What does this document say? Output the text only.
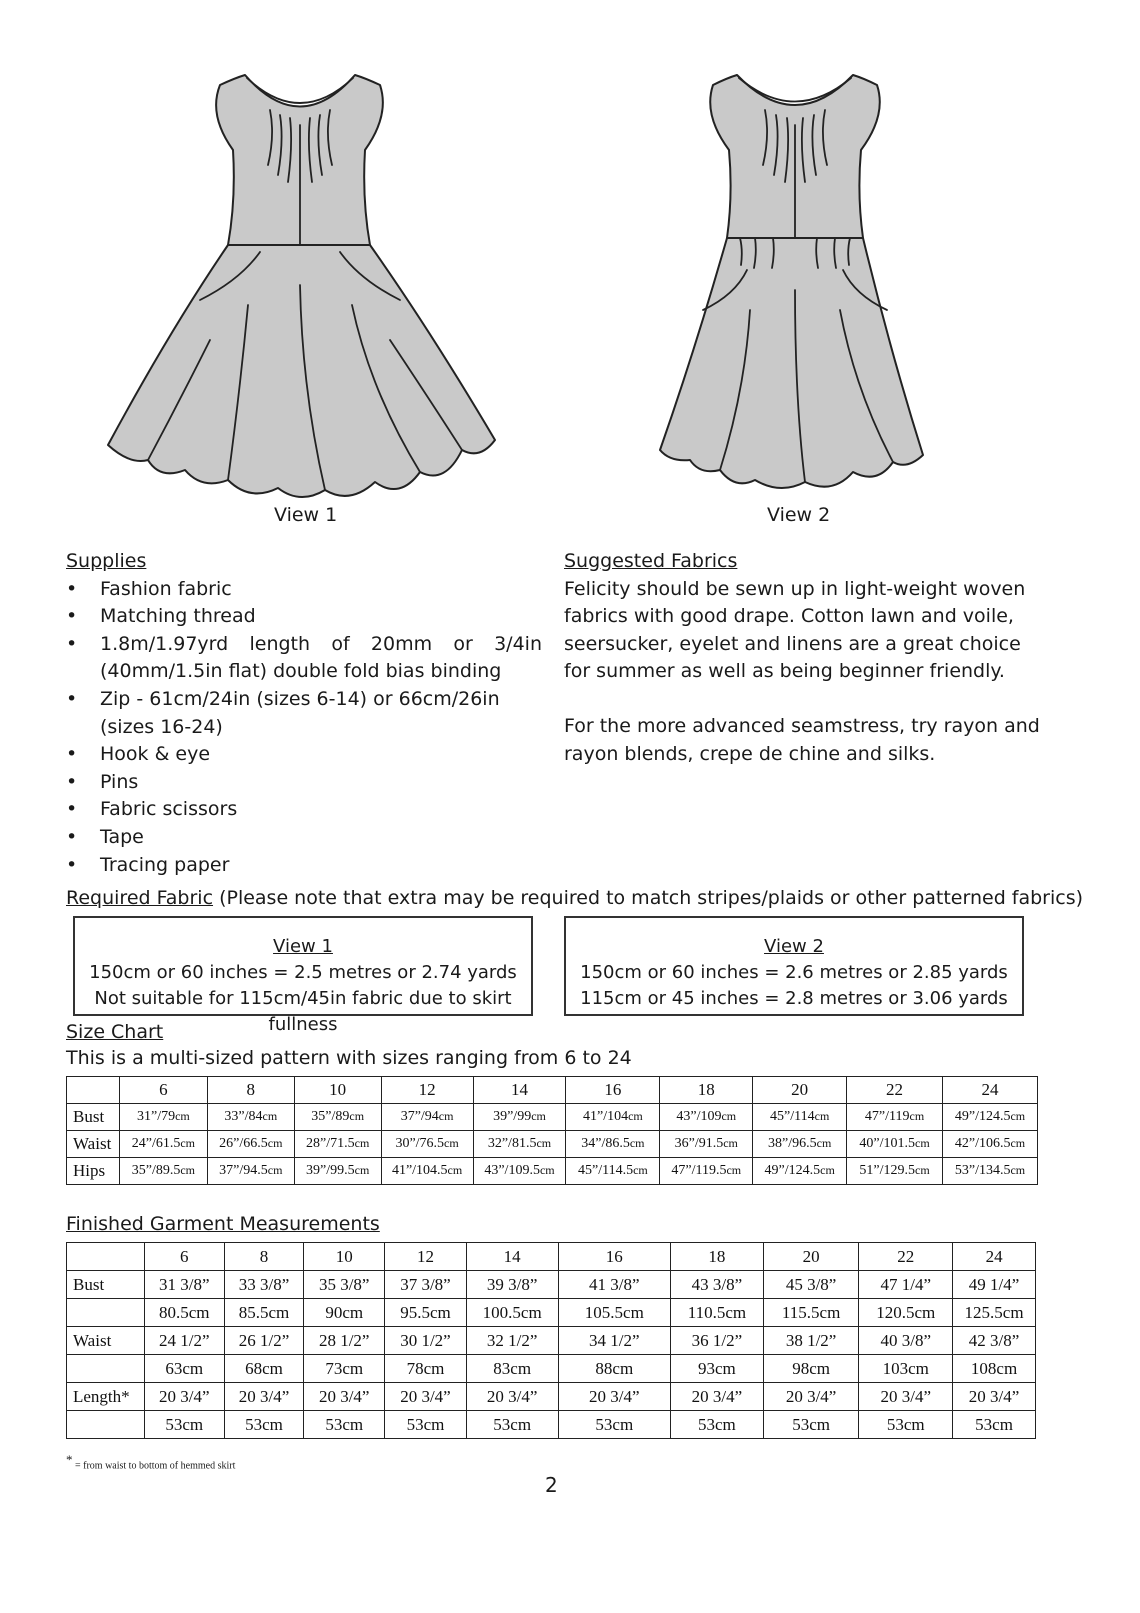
View 1	View 2
Supplies
• Fashion fabric
• Matching thread
• 1.8m/1.97yrd length of 20mm or 3/4in (40mm/1.5in flat) double fold bias binding
• Zip - 61cm/24in (sizes 6-14) or 66cm/26in (sizes 16-24)
• Hook & eye
• Pins
• Fabric scissors
• Tape
• Tracing paper
Suggested Fabrics
Felicity should be sewn up in light-weight woven fabrics with good drape. Cotton lawn and voile, seersucker, eyelet and linens are a great choice for summer as well as being beginner friendly.
For the more advanced seamstress, try rayon and rayon blends, crepe de chine and silks.
Required Fabric (Please note that extra may be required to match stripes/plaids or other patterned fabrics)
View 1
150cm or 60 inches = 2.5 metres or 2.74 yards
Not suitable for 115cm/45in fabric due to skirt fullness
View 2
150cm or 60 inches = 2.6 metres or 2.85 yards
115cm or 45 inches = 2.8 metres or 3.06 yards
Size Chart
This is a multi-sized pattern with sizes ranging from 6 to 24
	6	8	10	12	14	16	18	20	22	24
Bust	31”/79cm	33”/84cm	35”/89cm	37”/94cm	39”/99cm	41”/104cm	43”/109cm	45”/114cm	47”/119cm	49”/124.5cm
Waist	24”/61.5cm	26”/66.5cm	28”/71.5cm	30”/76.5cm	32”/81.5cm	34”/86.5cm	36”/91.5cm	38”/96.5cm	40”/101.5cm	42”/106.5cm
Hips	35”/89.5cm	37”/94.5cm	39”/99.5cm	41”/104.5cm	43”/109.5cm	45”/114.5cm	47”/119.5cm	49”/124.5cm	51”/129.5cm	53”/134.5cm
Finished Garment Measurements
	6	8	10	12	14	16	18	20	22	24
Bust	31 3/8”	33 3/8”	35 3/8”	37 3/8”	39 3/8”	41 3/8”	43 3/8”	45 3/8”	47 1/4”	49 1/4”
	80.5cm	85.5cm	90cm	95.5cm	100.5cm	105.5cm	110.5cm	115.5cm	120.5cm	125.5cm
Waist	24 1/2”	26 1/2”	28 1/2”	30 1/2”	32 1/2”	34 1/2”	36 1/2”	38 1/2”	40 3/8”	42 3/8”
	63cm	68cm	73cm	78cm	83cm	88cm	93cm	98cm	103cm	108cm
Length*	20 3/4”	20 3/4”	20 3/4”	20 3/4”	20 3/4”	20 3/4”	20 3/4”	20 3/4”	20 3/4”	20 3/4”
	53cm	53cm	53cm	53cm	53cm	53cm	53cm	53cm	53cm	53cm
* = from waist to bottom of hemmed skirt
2
